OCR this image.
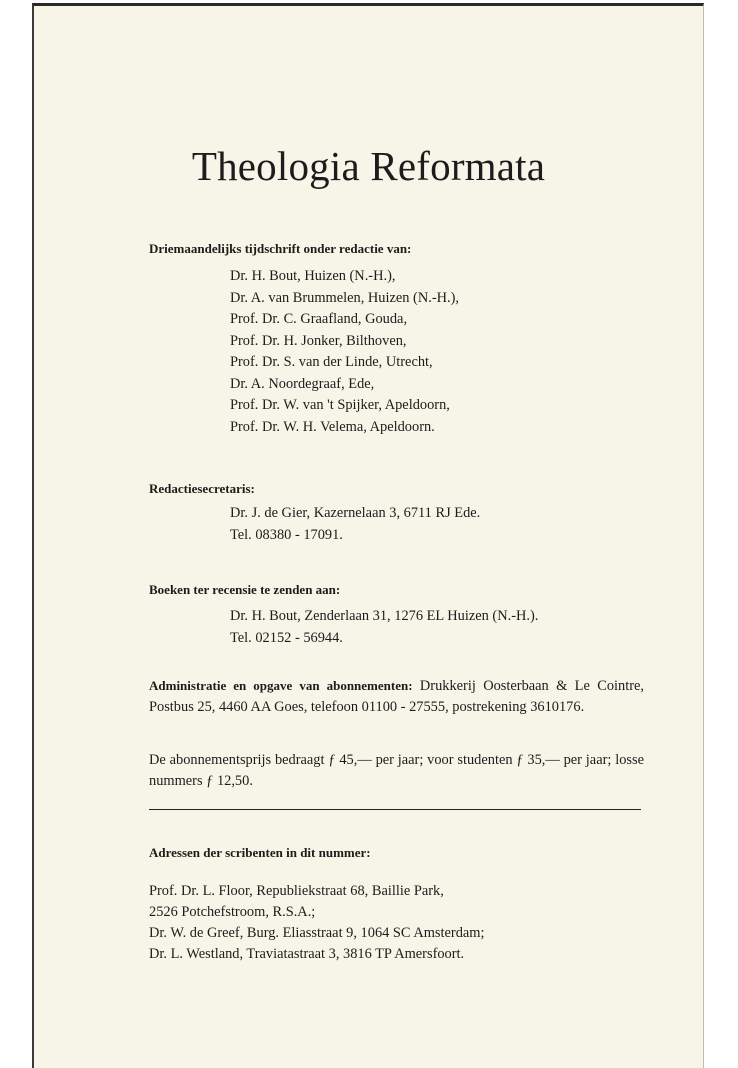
Theologia Reformata

Driemaandelijks tijdschrift onder redactie van:

Dr. H. Bout, Huizen (N.-H.),
Dr. A. van Brummelen, Huizen (N.-H.),
Prof. Dr. C. Graafland, Gouda,
Prof. Dr. H. Jonker, Bilthoven,
Prof. Dr. S. van der Linde, Utrecht,
Dr. A. Noordegraaf, Ede,
Prof. Dr. W. van 't Spijker, Apeldoorn,
Prof. Dr. W. H. Velema, Apeldoorn.

Redactiesecretaris:

Dr. J. de Gier, Kazernelaan 3, 6711 RJ Ede.
Tel. 08380 - 17091.

Boeken ter recensie te zenden aan:

Dr. H. Bout, Zenderlaan 31, 1276 EL Huizen (N.-H.).
Tel. 02152 - 56944.

Administratie en opgave van abonnementen: Drukkerij Oosterbaan & Le Cointre, Postbus 25, 4460 AA Goes, telefoon 01100 - 27555, postrekening 3610176.

De abonnementsprijs bedraagt ƒ 45,— per jaar; voor studenten ƒ 35,— per jaar; losse nummers ƒ 12,50.

Adressen der scribenten in dit nummer:

Prof. Dr. L. Floor, Republiekstraat 68, Baillie Park,
2526 Potchefstroom, R.S.A.;
Dr. W. de Greef, Burg. Eliasstraat 9, 1064 SC Amsterdam;
Dr. L. Westland, Traviatastraat 3, 3816 TP Amersfoort.
